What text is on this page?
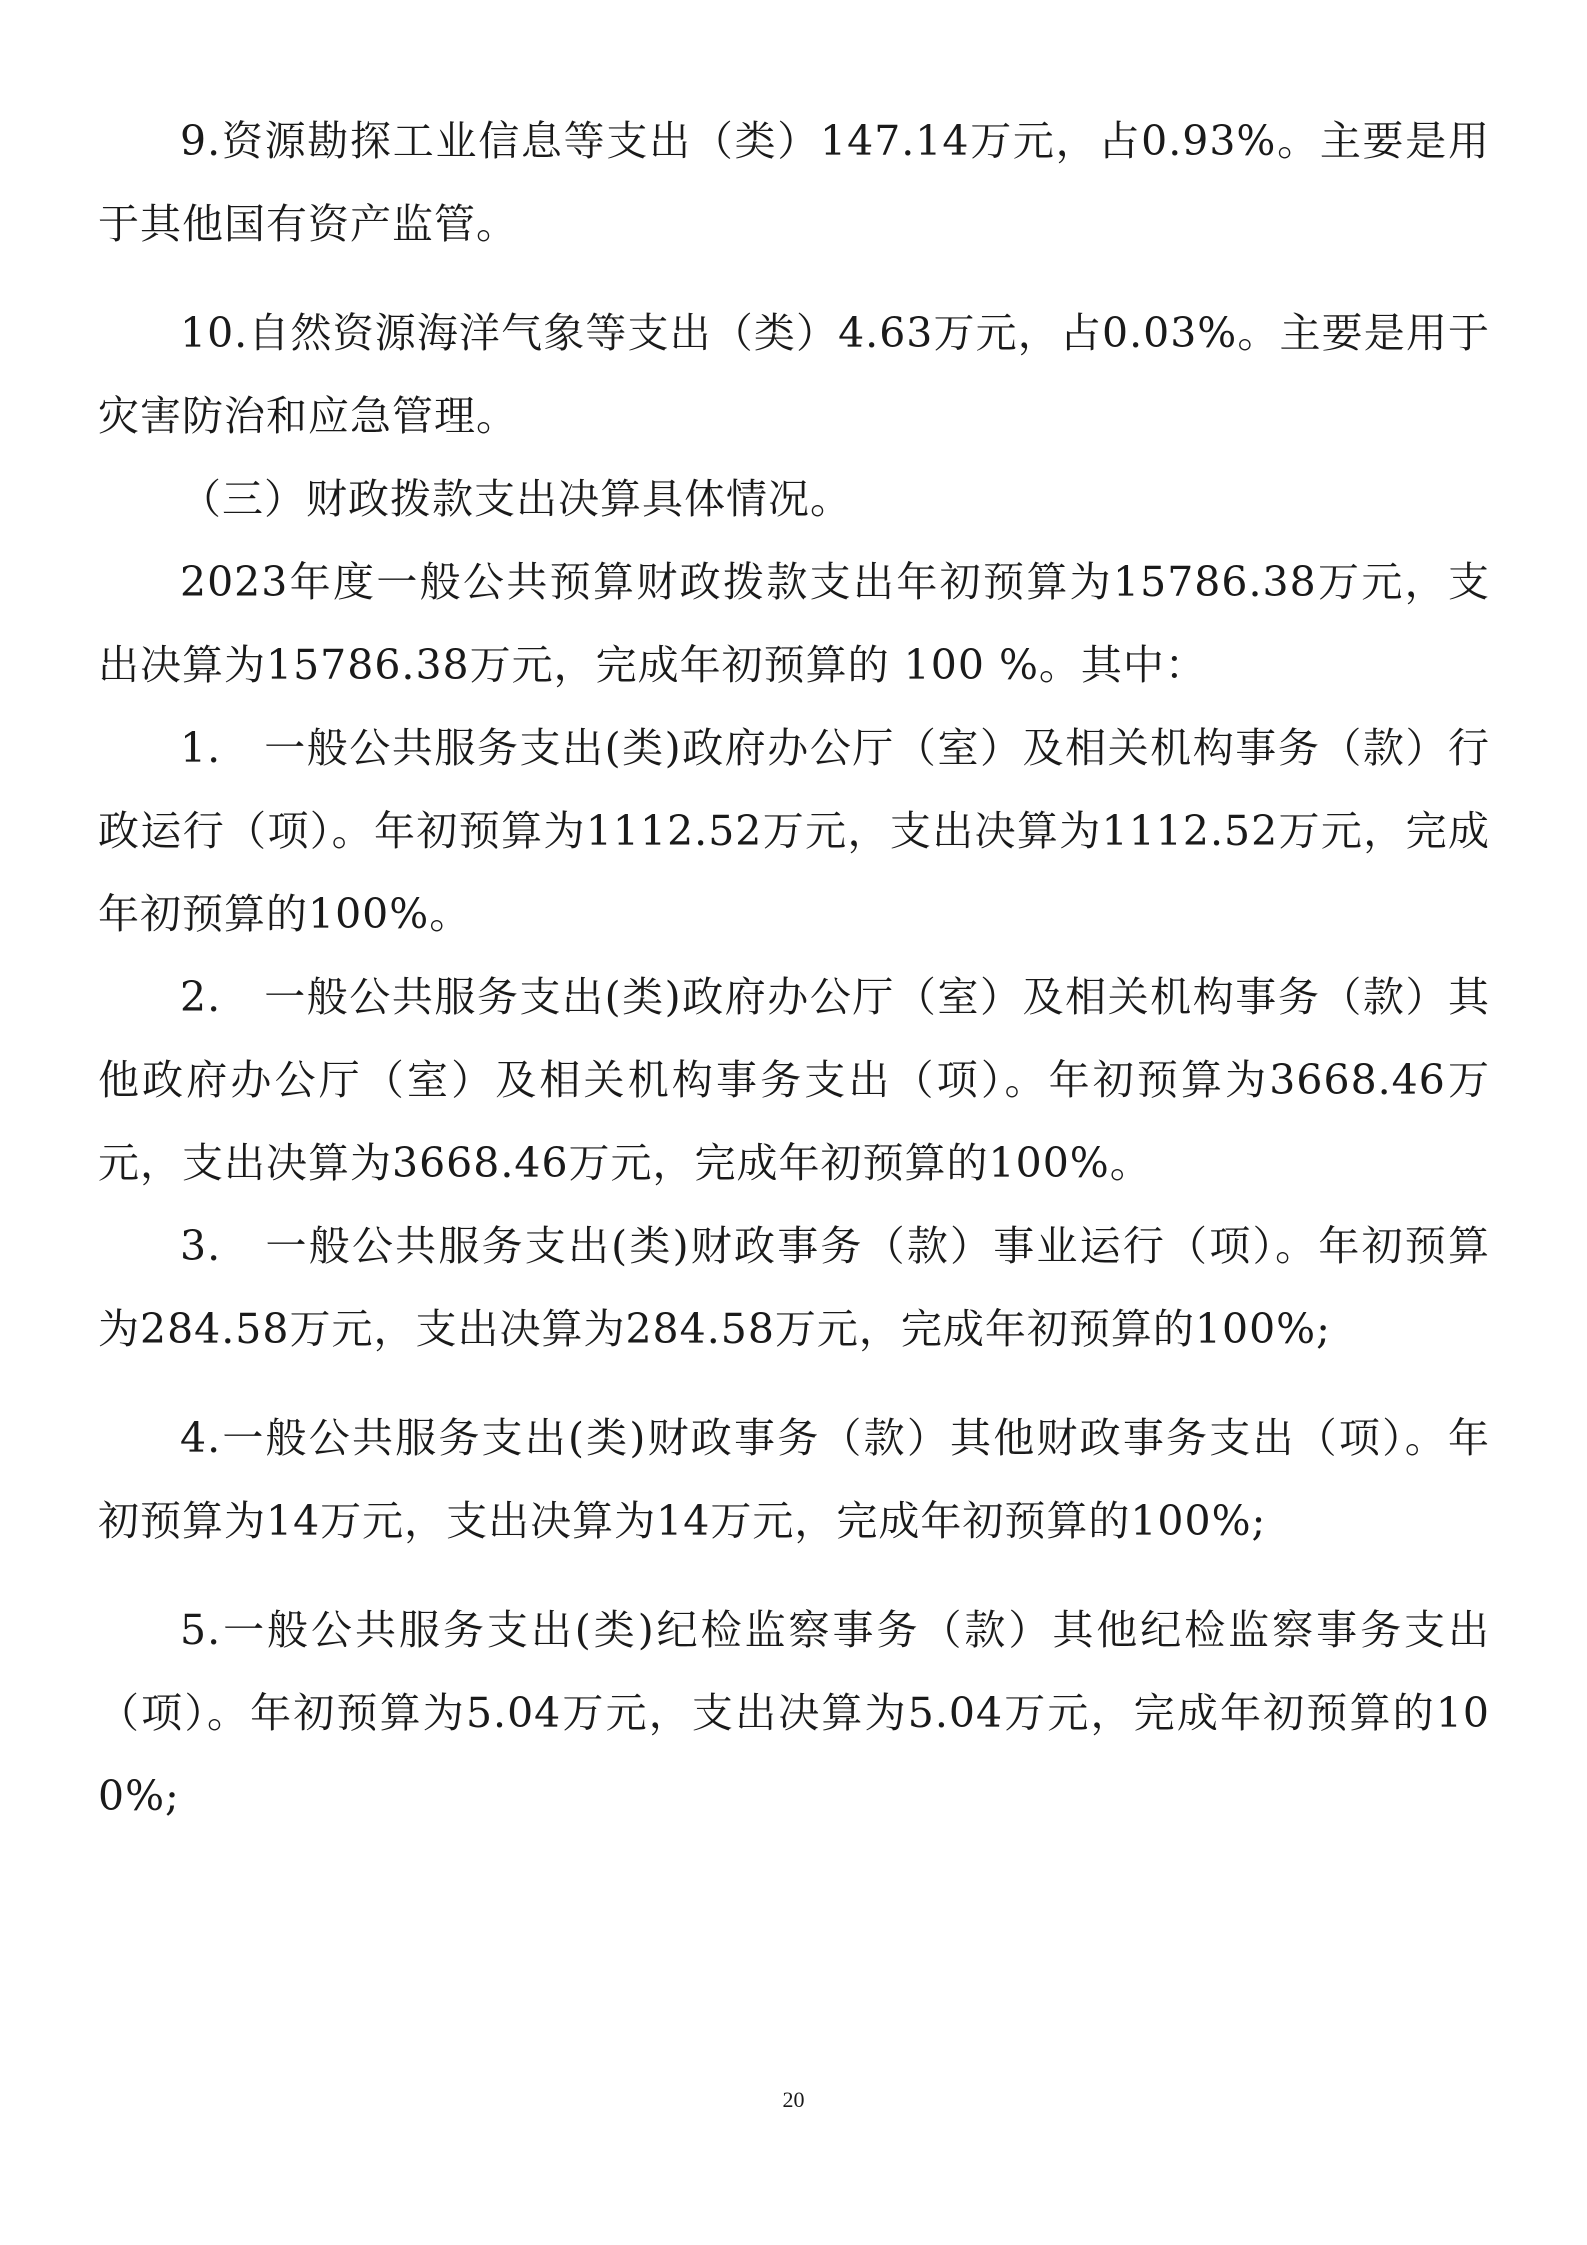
9.资源勘探工业信息等支出（类）147.14万元，占0.93%。主要是用于其他国有资产监管。

10.自然资源海洋气象等支出（类）4.63万元，占0.03%。主要是用于灾害防治和应急管理。

（三）财政拨款支出决算具体情况。

2023年度一般公共预算财政拨款支出年初预算为15786.38万元，支出决算为15786.38万元，完成年初预算的 100 %。其中：

1.　一般公共服务支出(类)政府办公厅（室）及相关机构事务（款）行政运行（项）。年初预算为1112.52万元，支出决算为1112.52万元，完成年初预算的100%。

2.　一般公共服务支出(类)政府办公厅（室）及相关机构事务（款）其他政府办公厅（室）及相关机构事务支出（项）。年初预算为3668.46万元，支出决算为3668.46万元，完成年初预算的100%。

3.　一般公共服务支出(类)财政事务（款）事业运行（项）。年初预算为284.58万元，支出决算为284.58万元，完成年初预算的100%;

4.一般公共服务支出(类)财政事务（款）其他财政事务支出（项）。年初预算为14万元，支出决算为14万元，完成年初预算的100%;

5.一般公共服务支出(类)纪检监察事务（款）其他纪检监察事务支出（项）。年初预算为5.04万元，支出决算为5.04万元，完成年初预算的100%;

20
